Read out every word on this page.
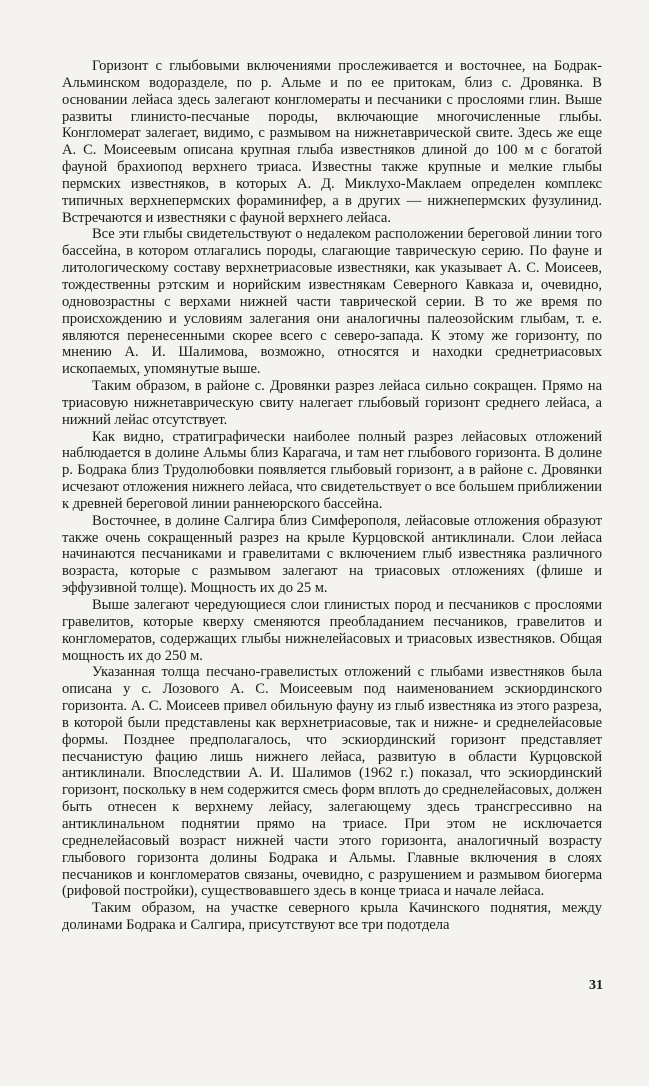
Горизонт с глыбовыми включениями прослеживается и восточнее, на Бодрак-Альминском водоразделе, по р. Альме и по ее притокам, близ с. Дровянка. В основании лейаса здесь залегают конгломераты и песчаники с прослоями глин. Выше развиты глинисто-песчаные породы, включающие многочисленные глыбы. Конгломерат залегает, видимо, с размывом на нижнетаврической свите. Здесь же еще А. С. Моисеевым описана крупная глыба известняков длиной до 100 м с богатой фауной брахиопод верхнего триаса. Известны также крупные и мелкие глыбы пермских известняков, в которых А. Д. Миклухо-Маклаем определен комплекс типичных верхнепермских фораминифер, а в других — нижнепермских фузулинид. Встречаются и известняки с фауной верхнего лейаса.

Все эти глыбы свидетельствуют о недалеком расположении береговой линии того бассейна, в котором отлагались породы, слагающие таврическую серию. По фауне и литологическому составу верхнетриасовые известняки, как указывает А. С. Моисеев, тождественны рэтским и норийским известнякам Северного Кавказа и, очевидно, одновозрастны с верхами нижней части таврической серии. В то же время по происхождению и условиям залегания они аналогичны палеозойским глыбам, т. е. являются перенесенными скорее всего с северо-запада. К этому же горизонту, по мнению А. И. Шалимова, возможно, относятся и находки среднетриасовых ископаемых, упомянутые выше.

Таким образом, в районе с. Дровянки разрез лейаса сильно сокращен. Прямо на триасовую нижнетаврическую свиту налегает глыбовый горизонт среднего лейаса, а нижний лейас отсутствует.

Как видно, стратиграфически наиболее полный разрез лейасовых отложений наблюдается в долине Альмы близ Карагача, и там нет глыбового горизонта. В долине р. Бодрака близ Трудолюбовки появляется глыбовый горизонт, а в районе с. Дровянки исчезают отложения нижнего лейаса, что свидетельствует о все большем приближении к древней береговой линии раннеюрского бассейна.

Восточнее, в долине Салгира близ Симферополя, лейасовые отложения образуют также очень сокращенный разрез на крыле Курцовской антиклинали. Слои лейаса начинаются песчаниками и гравелитами с включением глыб известняка различного возраста, которые с размывом залегают на триасовых отложениях (флише и эффузивной толще). Мощность их до 25 м.

Выше залегают чередующиеся слои глинистых пород и песчаников с прослоями гравелитов, которые кверху сменяются преобладанием песчаников, гравелитов и конгломератов, содержащих глыбы нижнелейасовых и триасовых известняков. Общая мощность их до 250 м.

Указанная толща песчано-гравелистых отложений с глыбами известняков была описана у с. Лозового А. С. Моисеевым под наименованием эскиординского горизонта. А. С. Моисеев привел обильную фауну из глыб известняка из этого разреза, в которой были представлены как верхнетриасовые, так и нижне- и среднелейасовые формы. Позднее предполагалось, что эскиординский горизонт представляет песчанистую фацию лишь нижнего лейаса, развитую в области Курцовской антиклинали. Впоследствии А. И. Шалимов (1962 г.) показал, что эскиординский горизонт, поскольку в нем содержится смесь форм вплоть до среднелейасовых, должен быть отнесен к верхнему лейасу, залегающему здесь трансгрессивно на антиклинальном поднятии прямо на триасе. При этом не исключается среднелейасовый возраст нижней части этого горизонта, аналогичный возрасту глыбового горизонта долины Бодрака и Альмы. Главные включения в слоях песчаников и конгломератов связаны, очевидно, с разрушением и размывом биогерма (рифовой постройки), существовавшего здесь в конце триаса и начале лейаса.

Таким образом, на участке северного крыла Качинского поднятия, между долинами Бодрака и Салгира, присутствуют все три подотдела

31
